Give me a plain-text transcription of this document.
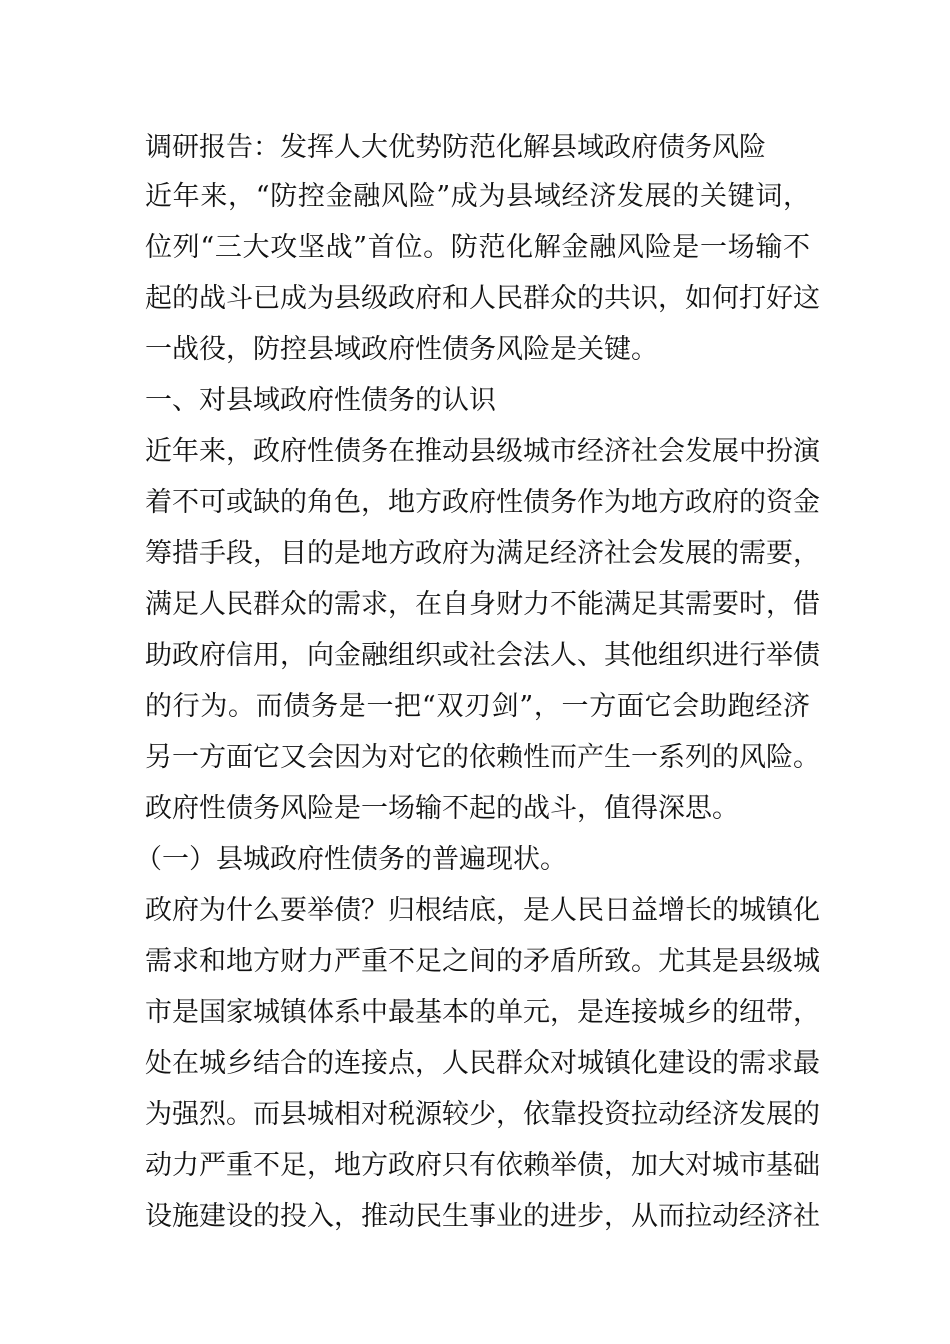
调研报告：发挥人大优势防范化解县域政府债务风险
近年来，“防控金融风险”成为县域经济发展的关键词，
位列“三大攻坚战”首位。防范化解金融风险是一场输不
起的战斗已成为县级政府和人民群众的共识，如何打好这
一战役，防控县域政府性债务风险是关键。
一、对县域政府性债务的认识
近年来，政府性债务在推动县级城市经济社会发展中扮演
着不可或缺的角色，地方政府性债务作为地方政府的资金
筹措手段，目的是地方政府为满足经济社会发展的需要，
满足人民群众的需求，在自身财力不能满足其需要时，借
助政府信用，向金融组织或社会法人、其他组织进行举债
的行为。而债务是一把“双刃剑”，一方面它会助跑经济
另一方面它又会因为对它的依赖性而产生一系列的风险。
政府性债务风险是一场输不起的战斗，值得深思。
（一）县城政府性债务的普遍现状。
政府为什么要举债？归根结底，是人民日益增长的城镇化
需求和地方财力严重不足之间的矛盾所致。尤其是县级城
市是国家城镇体系中最基本的单元，是连接城乡的纽带，
处在城乡结合的连接点，人民群众对城镇化建设的需求最
为强烈。而县城相对税源较少，依靠投资拉动经济发展的
动力严重不足，地方政府只有依赖举债，加大对城市基础
设施建设的投入，推动民生事业的进步，从而拉动经济社
